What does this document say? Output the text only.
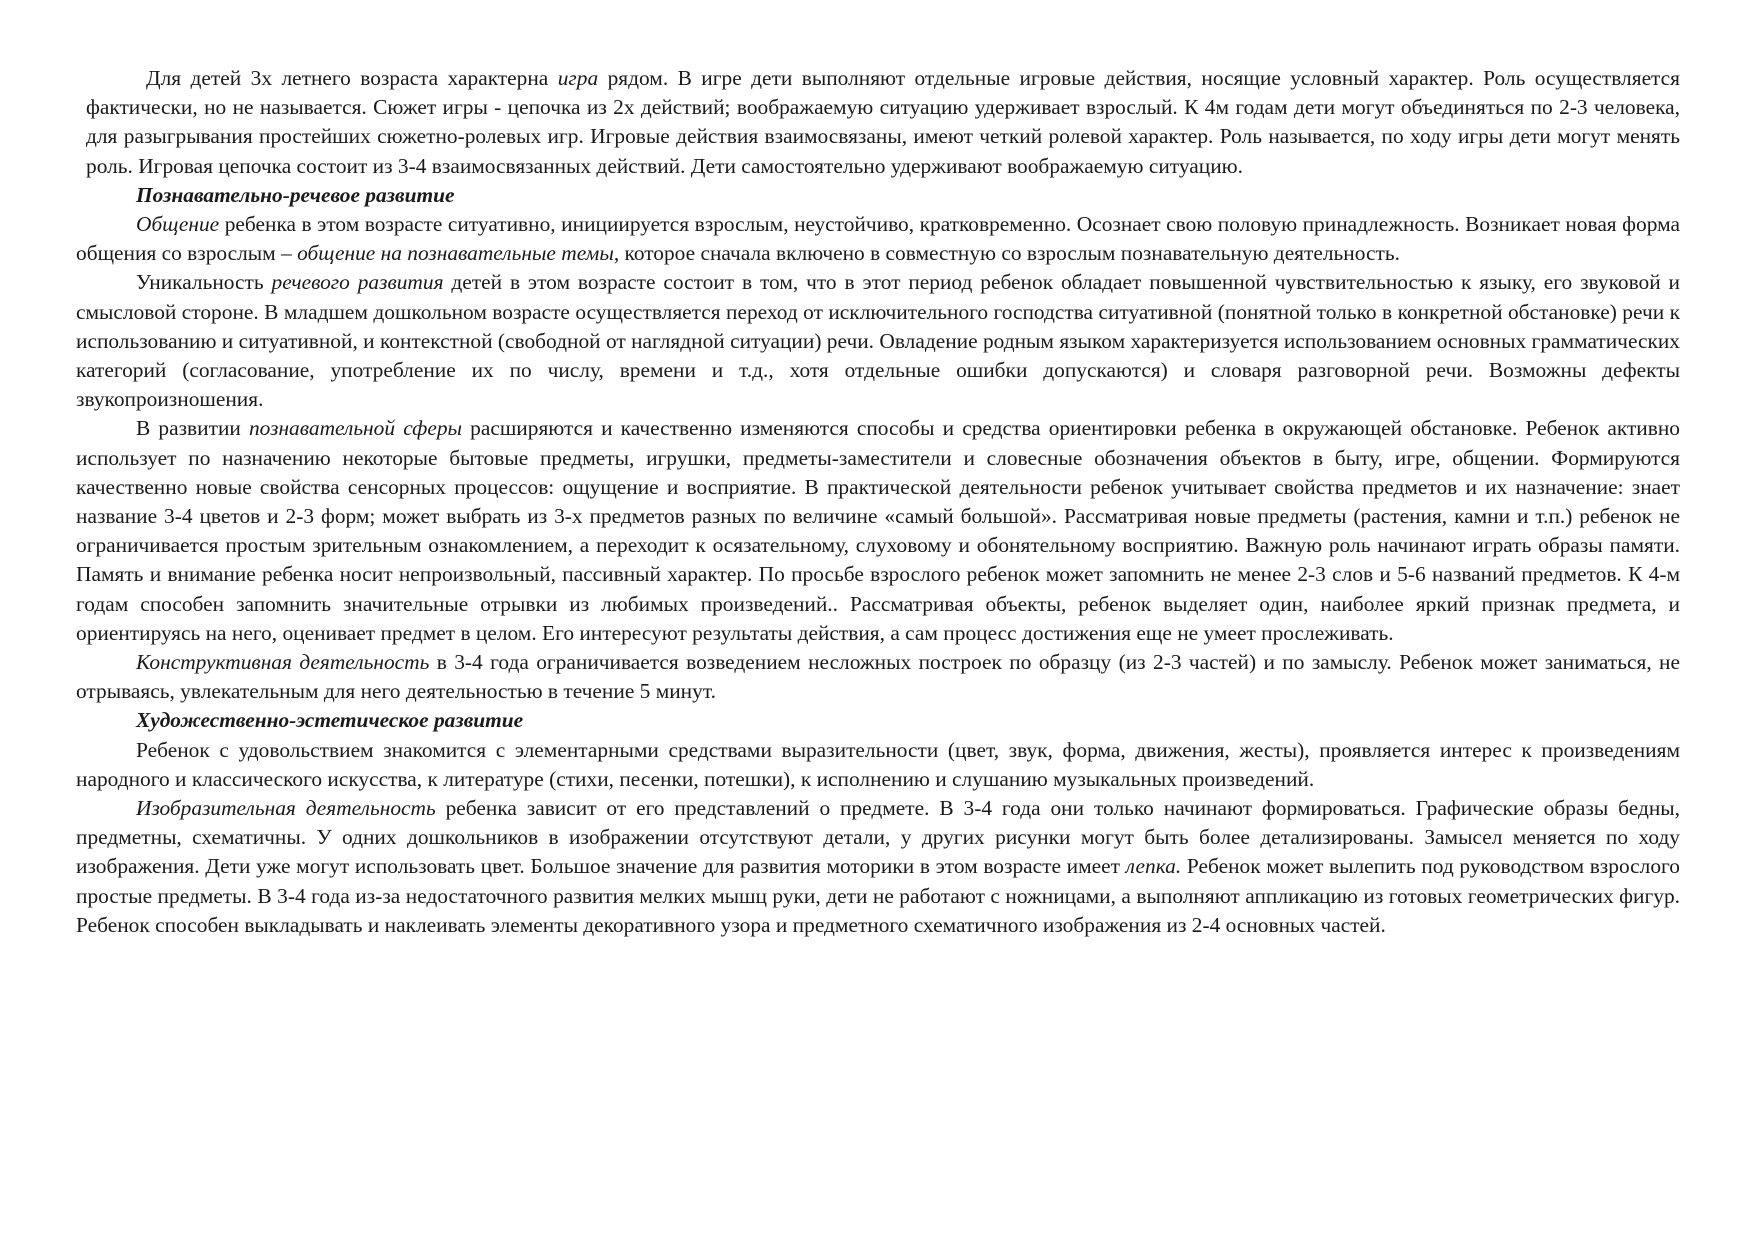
Для детей 3х летнего возраста характерна игра рядом. В игре дети выполняют отдельные игровые действия, носящие условный характер. Роль осуществляется фактически, но не называется. Сюжет игры - цепочка из 2х действий; воображаемую ситуацию удерживает взрослый. К 4м годам дети могут объединяться по 2-3 человека, для разыгрывания простейших сюжетно-ролевых игр. Игровые действия взаимосвязаны, имеют четкий ролевой характер. Роль называется, по ходу игры дети могут менять роль. Игровая цепочка состоит из 3-4 взаимосвязанных действий. Дети самостоятельно удерживают воображаемую ситуацию.

Познавательно-речевое развитие

Общение ребенка в этом возрасте ситуативно, инициируется взрослым, неустойчиво, кратковременно. Осознает свою половую принадлежность. Возникает новая форма общения со взрослым – общение на познавательные темы, которое сначала включено в совместную со взрослым познавательную деятельность.

Уникальность речевого развития детей в этом возрасте состоит в том, что в этот период ребенок обладает повышенной чувствительностью к языку, его звуковой и смысловой стороне. В младшем дошкольном возрасте осуществляется переход от исключительного господства ситуативной (понятной только в конкретной обстановке) речи к использованию и ситуативной, и контекстной (свободной от наглядной ситуации) речи. Овладение родным языком характеризуется использованием основных грамматических категорий (согласование, употребление их по числу, времени и т.д., хотя отдельные ошибки допускаются) и словаря разговорной речи. Возможны дефекты звукопроизношения.

В развитии познавательной сферы расширяются и качественно изменяются способы и средства ориентировки ребенка в окружающей обстановке. Ребенок активно использует по назначению некоторые бытовые предметы, игрушки, предметы-заместители и словесные обозначения объектов в быту, игре, общении. Формируются качественно новые свойства сенсорных процессов: ощущение и восприятие. В практической деятельности ребенок учитывает свойства предметов и их назначение: знает название 3-4 цветов и 2-3 форм; может выбрать из 3-х предметов разных по величине «самый большой». Рассматривая новые предметы (растения, камни и т.п.) ребенок не ограничивается простым зрительным ознакомлением, а переходит к осязательному, слуховому и обонятельному восприятию. Важную роль начинают играть образы памяти. Память и внимание ребенка носит непроизвольный, пассивный характер. По просьбе взрослого ребенок может запомнить не менее 2-3 слов и 5-6 названий предметов. К 4-м годам способен запомнить значительные отрывки из любимых произведений.. Рассматривая объекты, ребенок выделяет один, наиболее яркий признак предмета, и ориентируясь на него, оценивает предмет в целом. Его интересуют результаты действия, а сам процесс достижения еще не умеет прослеживать.

Конструктивная деятельность в 3-4 года ограничивается возведением несложных построек по образцу (из 2-3 частей) и по замыслу. Ребенок может заниматься, не отрываясь, увлекательным для него деятельностью в течение 5 минут.

Художественно-эстетическое развитие

Ребенок с удовольствием знакомится с элементарными средствами выразительности (цвет, звук, форма, движения, жесты), проявляется интерес к произведениям народного и классического искусства, к литературе (стихи, песенки, потешки), к исполнению и слушанию музыкальных произведений.

Изобразительная деятельность ребенка зависит от его представлений о предмете. В 3-4 года они только начинают формироваться. Графические образы бедны, предметны, схематичны. У одних дошкольников в изображении отсутствуют детали, у других рисунки могут быть более детализированы. Замысел меняется по ходу изображения. Дети уже могут использовать цвет. Большое значение для развития моторики в этом возрасте имеет лепка. Ребенок может вылепить под руководством взрослого простые предметы. В 3-4 года из-за недостаточного развития мелких мышц руки, дети не работают с ножницами, а выполняют аппликацию из готовых геометрических фигур. Ребенок способен выкладывать и наклеивать элементы декоративного узора и предметного схематичного изображения из 2-4 основных частей.
